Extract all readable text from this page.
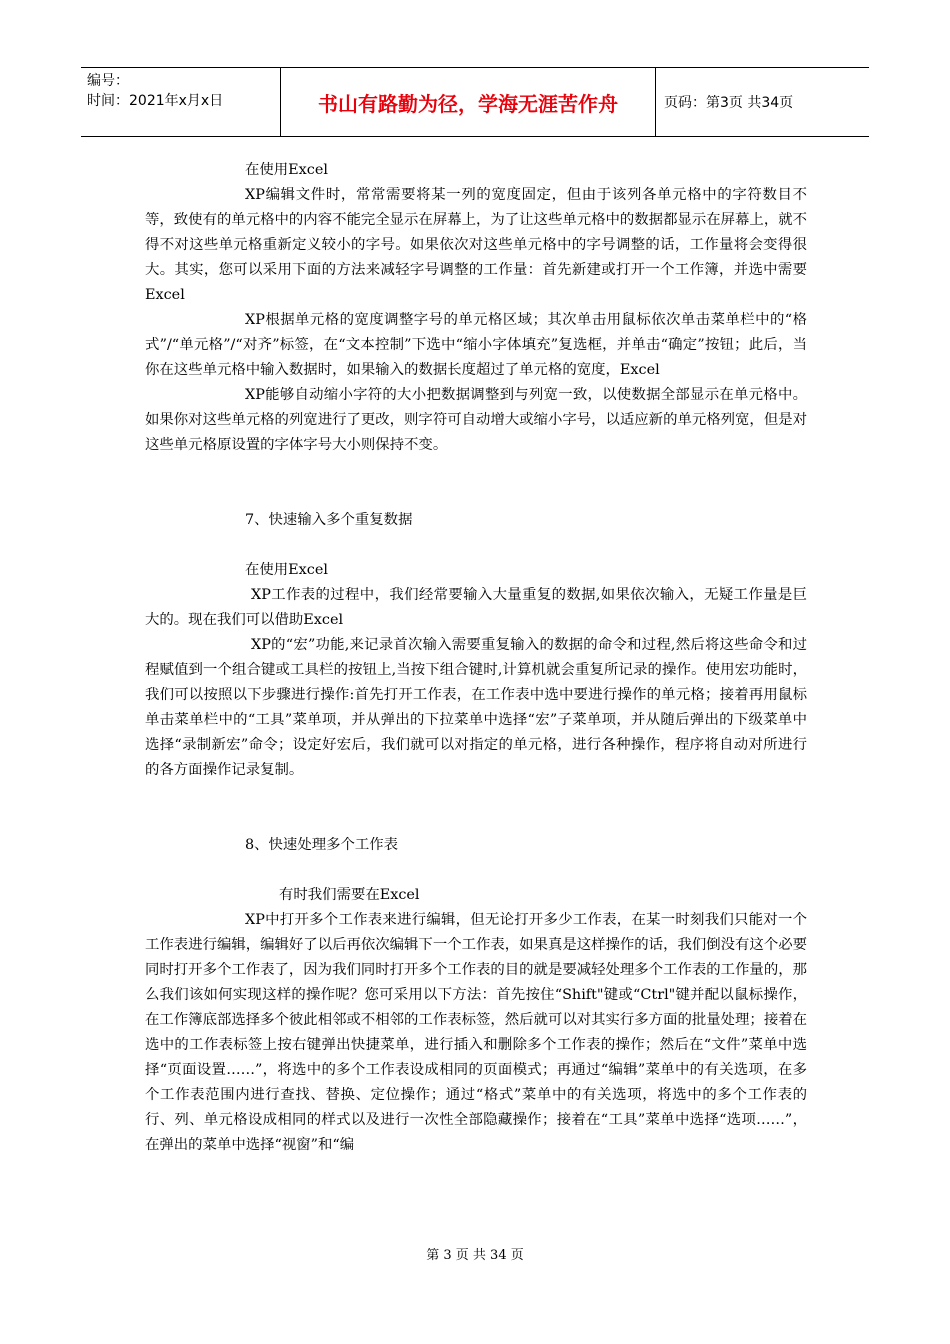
编号：
时间：2021年x月x日	书山有路勤为径，学海无涯苦作舟	页码：第3页 共34页

在使用Excel

XP编辑文件时，常常需要将某一列的宽度固定，但由于该列各单元格中的字符数目不等，致使有的单元格中的内容不能完全显示在屏幕上，为了让这些单元格中的数据都显示在屏幕上，就不得不对这些单元格重新定义较小的字号。如果依次对这些单元格中的字号调整的话，工作量将会变得很大。其实，您可以采用下面的方法来减轻字号调整的工作量：首先新建或打开一个工作簿，并选中需要Excel

XP根据单元格的宽度调整字号的单元格区域；其次单击用鼠标依次单击菜单栏中的“格式”/“单元格”/“对齐”标签，在“文本控制”下选中“缩小字体填充”复选框，并单击“确定”按钮；此后，当你在这些单元格中输入数据时，如果输入的数据长度超过了单元格的宽度，Excel

XP能够自动缩小字符的大小把数据调整到与列宽一致，以使数据全部显示在单元格中。如果你对这些单元格的列宽进行了更改，则字符可自动增大或缩小字号，以适应新的单元格列宽，但是对这些单元格原设置的字体字号大小则保持不变。

7、快速输入多个重复数据

在使用Excel

XP工作表的过程中，我们经常要输入大量重复的数据,如果依次输入，无疑工作量是巨大的。现在我们可以借助Excel

XP的“宏”功能,来记录首次输入需要重复输入的数据的命令和过程,然后将这些命令和过程赋值到一个组合键或工具栏的按钮上,当按下组合键时,计算机就会重复所记录的操作。使用宏功能时，我们可以按照以下步骤进行操作:首先打开工作表，在工作表中选中要进行操作的单元格；接着再用鼠标单击菜单栏中的“工具”菜单项，并从弹出的下拉菜单中选择“宏”子菜单项，并从随后弹出的下级菜单中选择“录制新宏”命令；设定好宏后，我们就可以对指定的单元格，进行各种操作，程序将自动对所进行的各方面操作记录复制。

8、快速处理多个工作表

有时我们需要在Excel

XP中打开多个工作表来进行编辑，但无论打开多少工作表，在某一时刻我们只能对一个工作表进行编辑，编辑好了以后再依次编辑下一个工作表，如果真是这样操作的话，我们倒没有这个必要同时打开多个工作表了，因为我们同时打开多个工作表的目的就是要减轻处理多个工作表的工作量的，那么我们该如何实现这样的操作呢？您可采用以下方法：首先按住“Shift"键或“Ctrl"键并配以鼠标操作，在工作簿底部选择多个彼此相邻或不相邻的工作表标签，然后就可以对其实行多方面的批量处理；接着在选中的工作表标签上按右键弹出快捷菜单，进行插入和删除多个工作表的操作；然后在“文件”菜单中选择“页面设置……”，将选中的多个工作表设成相同的页面模式；再通过“编辑”菜单中的有关选项，在多个工作表范围内进行查找、替换、定位操作；通过“格式”菜单中的有关选项，将选中的多个工作表的行、列、单元格设成相同的样式以及进行一次性全部隐藏操作；接着在“工具”菜单中选择“选项……”，在弹出的菜单中选择“视窗”和“编

第 3 页 共 34 页
